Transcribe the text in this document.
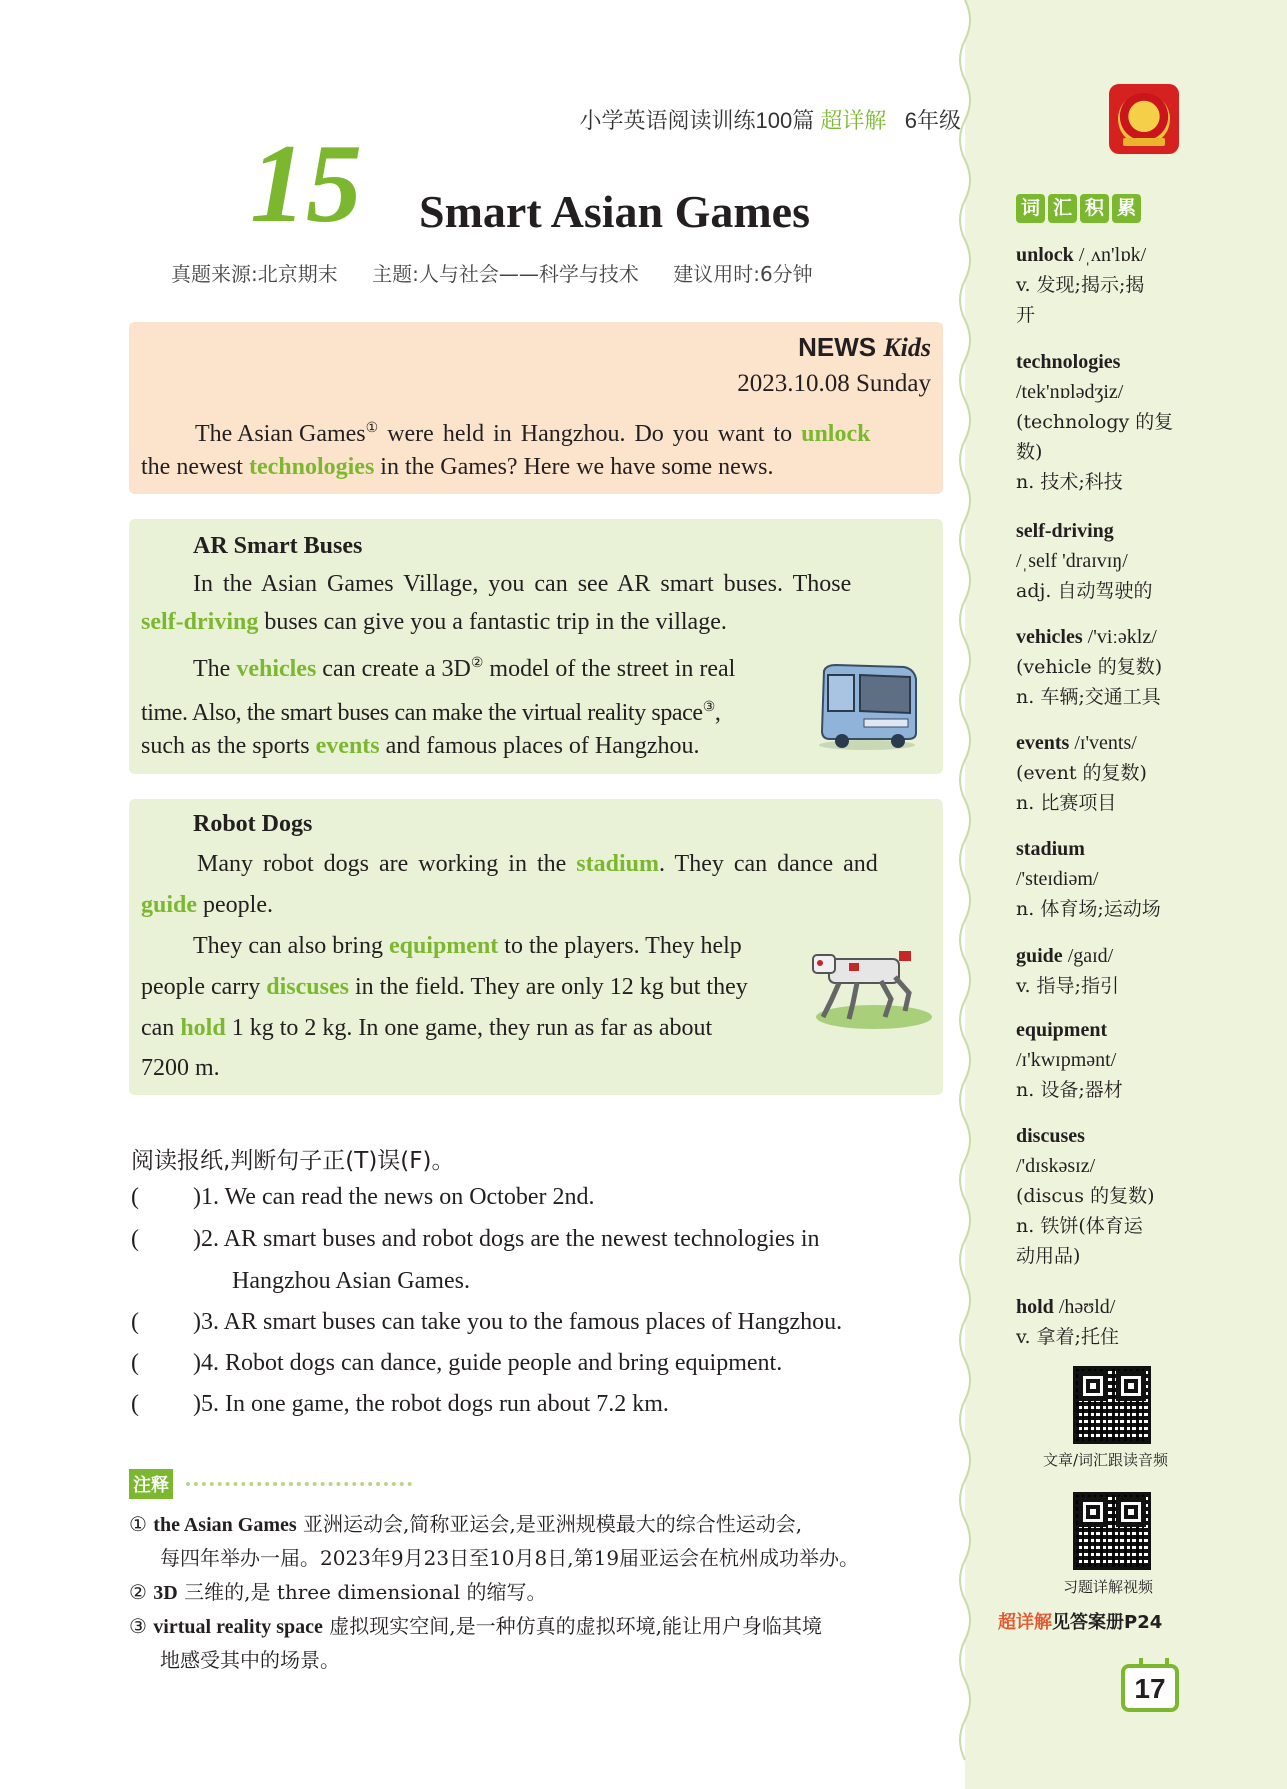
小学英语阅读训练100篇 超详解 6年级
15 Smart Asian Games
真题来源:北京期末 主题:人与社会——科学与技术 建议用时:6分钟
NEWS Kids
2023.10.08 Sunday
The Asian Games① were held in Hangzhou. Do you want to unlock
the newest technologies in the Games? Here we have some news.
AR Smart Buses
In the Asian Games Village, you can see AR smart buses. Those
self-driving buses can give you a fantastic trip in the village.
The vehicles can create a 3D② model of the street in real
time. Also, the smart buses can make the virtual reality space③,
such as the sports events and famous places of Hangzhou.
Robot Dogs
Many robot dogs are working in the stadium. They can dance and
guide people.
They can also bring equipment to the players. They help
people carry discuses in the field. They are only 12 kg but they
can hold 1 kg to 2 kg. In one game, they run as far as about
7200 m.
阅读报纸,判断句子正(T)误(F)。
( ) 1. We can read the news on October 2nd.
( ) 2. AR smart buses and robot dogs are the newest technologies in
Hangzhou Asian Games.
( ) 3. AR smart buses can take you to the famous places of Hangzhou.
( ) 4. Robot dogs can dance, guide people and bring equipment.
( ) 5. In one game, the robot dogs run about 7.2 km.
注释
① the Asian Games 亚洲运动会,简称亚运会,是亚洲规模最大的综合性运动会,
每四年举办一届。2023年9月23日至10月8日,第19届亚运会在杭州成功举办。
② 3D 三维的,是 three dimensional 的缩写。
③ virtual reality space 虚拟现实空间,是一种仿真的虚拟环境,能让用户身临其境
地感受其中的场景。
词 汇 积 累
unlock /ˌʌn'lɒk/
v. 发现;揭示;揭
开
technologies
/tek'nɒlədʒiz/
(technology 的复
数)
n. 技术;科技
self-driving
/ˌself 'draɪvɪŋ/
adj. 自动驾驶的
vehicles /'viːəklz/
(vehicle 的复数)
n. 车辆;交通工具
events /ɪ'vents/
(event 的复数)
n. 比赛项目
stadium
/'steɪdiəm/
n. 体育场;运动场
guide /gaɪd/
v. 指导;指引
equipment
/ɪ'kwɪpmənt/
n. 设备;器材
discuses
/'dɪskəsɪz/
(discus 的复数)
n. 铁饼(体育运
动用品)
hold /həʊld/
v. 拿着;托住
文章/词汇跟读音频
习题详解视频
超详解见答案册P24
17
